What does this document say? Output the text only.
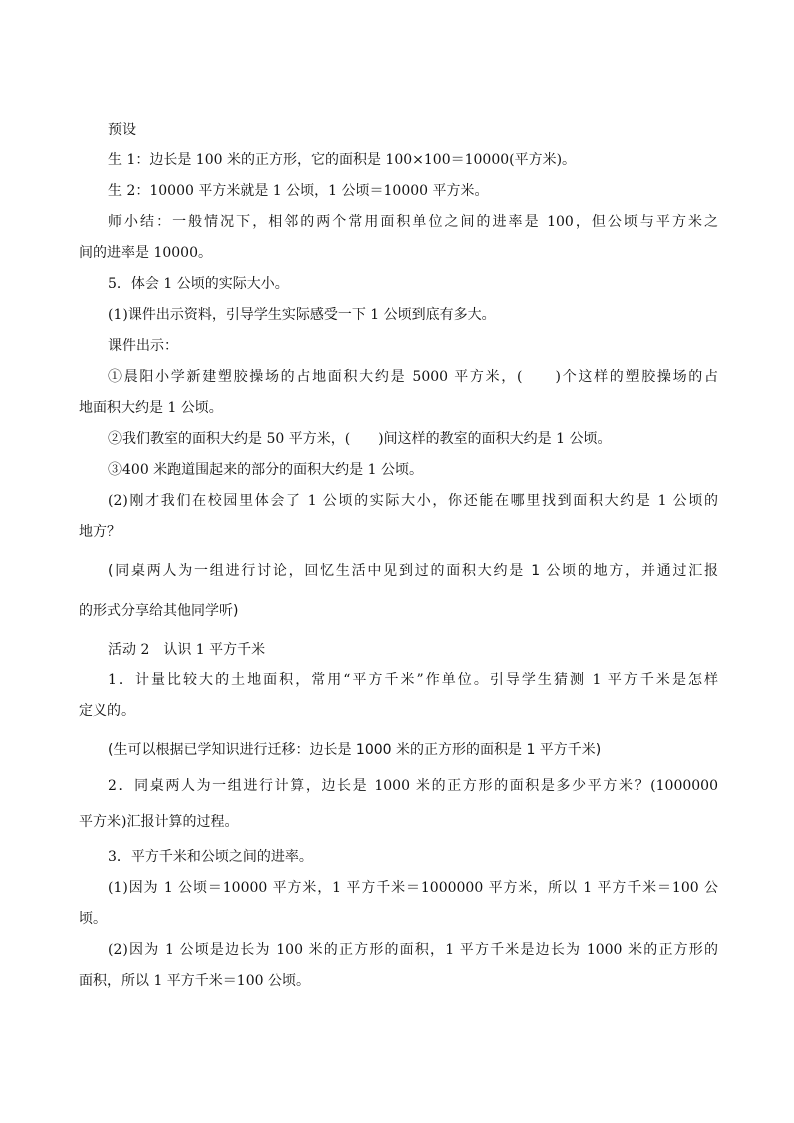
预设
生 1：边长是 100 米的正方形，它的面积是 100×100＝10000(平方米)。
生 2：10000 平方米就是 1 公顷，1 公顷＝10000 平方米。
师小结：一般情况下，相邻的两个常用面积单位之间的进率是 100，但公顷与平方米之
间的进率是 10000。
5．体会 1 公顷的实际大小。
(1)课件出示资料，引导学生实际感受一下 1 公顷到底有多大。
课件出示：
①晨阳小学新建塑胶操场的占地面积大约是 5000 平方米，(　　)个这样的塑胶操场的占
地面积大约是 1 公顷。
②我们教室的面积大约是 50 平方米，(　　)间这样的教室的面积大约是 1 公顷。
③400 米跑道围起来的部分的面积大约是 1 公顷。
(2)刚才我们在校园里体会了 1 公顷的实际大小，你还能在哪里找到面积大约是 1 公顷的
地方？
(同桌两人为一组进行讨论，回忆生活中见到过的面积大约是 1 公顷的地方，并通过汇报
的形式分享给其他同学听)
活动 2　认识 1 平方千米
1．计量比较大的土地面积，常用“平方千米”作单位。引导学生猜测 1 平方千米是怎样
定义的。
(生可以根据已学知识进行迁移：边长是 1000 米的正方形的面积是 1 平方千米)
2．同桌两人为一组进行计算，边长是 1000 米的正方形的面积是多少平方米？(1000000
平方米)汇报计算的过程。
3．平方千米和公顷之间的进率。
(1)因为 1 公顷＝10000 平方米，1 平方千米＝1000000 平方米，所以 1 平方千米＝100 公
顷。
(2)因为 1 公顷是边长为 100 米的正方形的面积，1 平方千米是边长为 1000 米的正方形的
面积，所以 1 平方千米＝100 公顷。
